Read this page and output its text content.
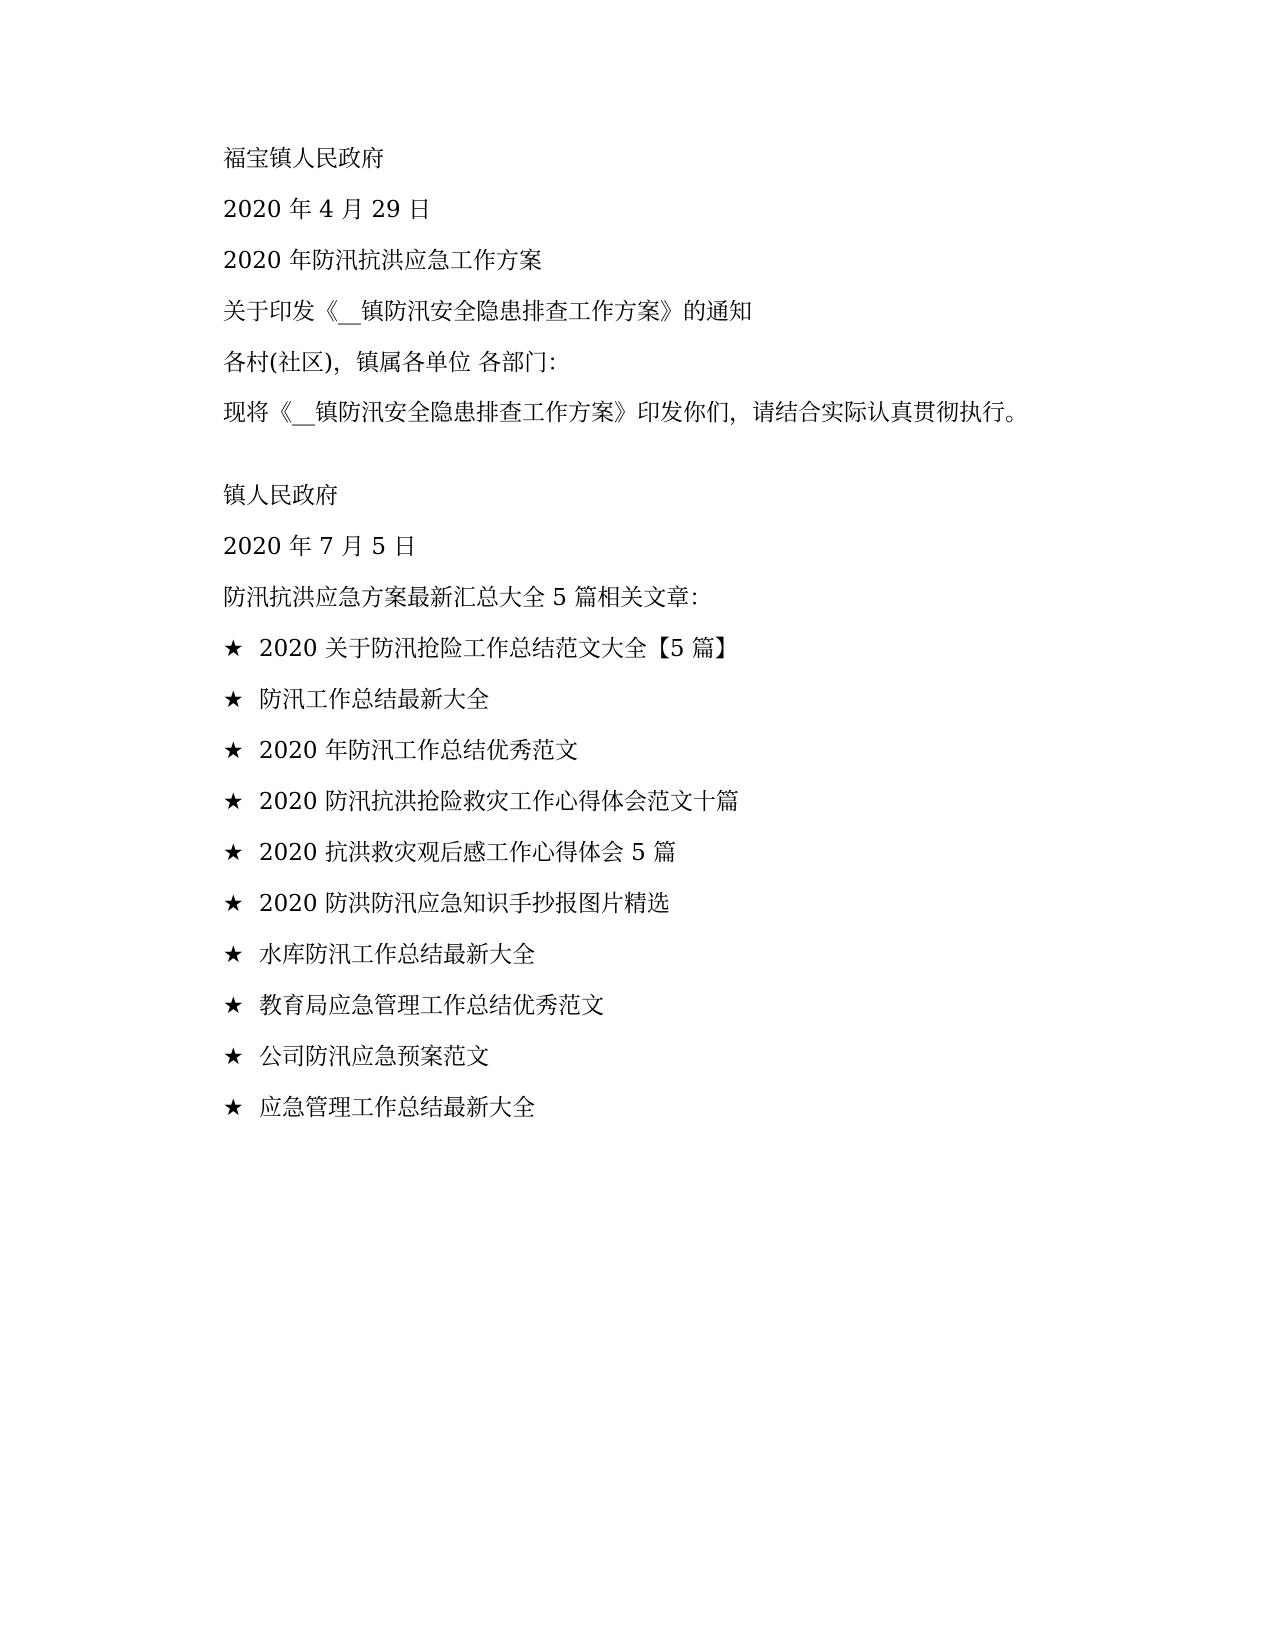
福宝镇人民政府
2020 年 4 月 29 日
2020 年防汛抗洪应急工作方案
关于印发《__镇防汛安全隐患排查工作方案》的通知
各村(社区)，镇属各单位 各部门：
现将《__镇防汛安全隐患排查工作方案》印发你们，请结合实际认真贯彻执行。
镇人民政府
2020 年 7 月 5 日
防汛抗洪应急方案最新汇总大全 5 篇相关文章：
★ 2020 关于防汛抢险工作总结范文大全【5 篇】
★ 防汛工作总结最新大全
★ 2020 年防汛工作总结优秀范文
★ 2020 防汛抗洪抢险救灾工作心得体会范文十篇
★ 2020 抗洪救灾观后感工作心得体会 5 篇
★ 2020 防洪防汛应急知识手抄报图片精选
★ 水库防汛工作总结最新大全
★ 教育局应急管理工作总结优秀范文
★ 公司防汛应急预案范文
★ 应急管理工作总结最新大全
